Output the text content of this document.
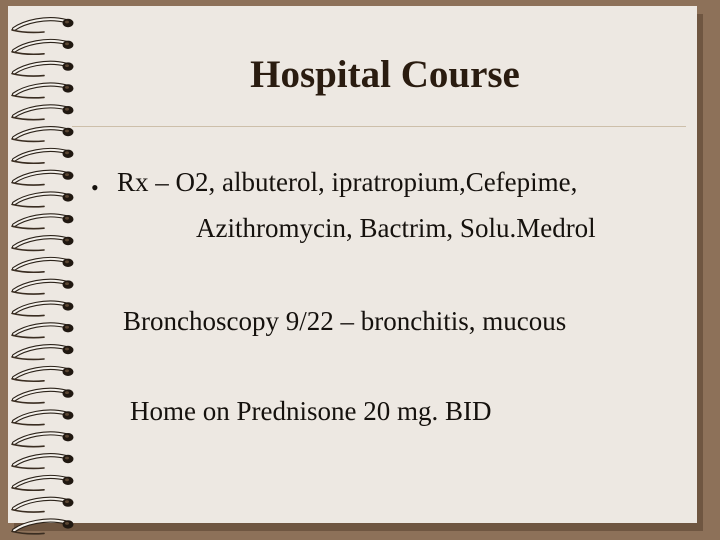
Hospital Course
• Rx – O2, albuterol, ipratropium,Cefepime,

Azithromycin, Bactrim, Solu.Medrol

Bronchoscopy 9/22 – bronchitis, mucous

Home on Prednisone 20 mg. BID
